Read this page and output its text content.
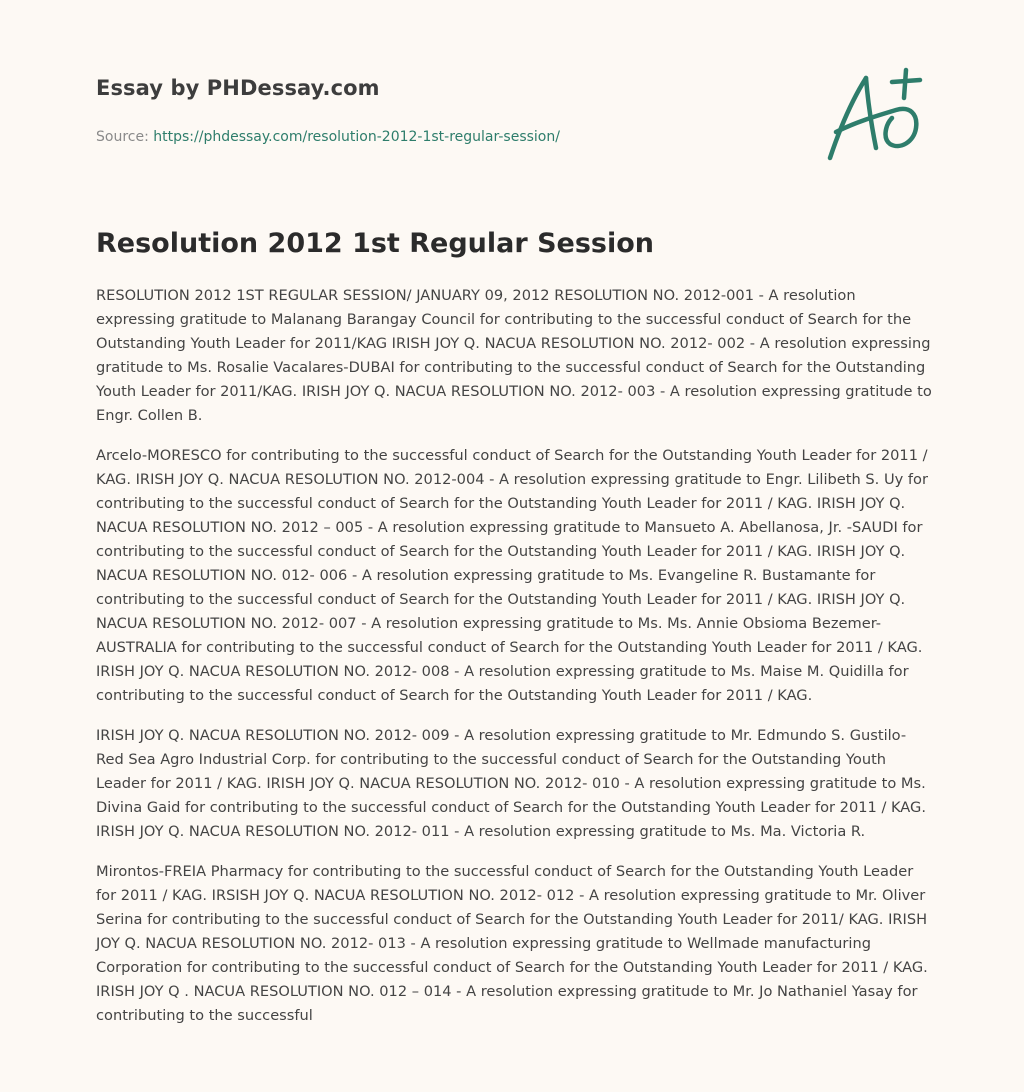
Essay by PHDessay.com
Source: https://phdessay.com/resolution-2012-1st-regular-session/
Resolution 2012 1st Regular Session

RESOLUTION 2012 1ST REGULAR SESSION/ JANUARY 09, 2012 RESOLUTION NO. 2012-001 - A resolution expressing gratitude to Malanang Barangay Council for contributing to the successful conduct of Search for the Outstanding Youth Leader for 2011/KAG IRISH JOY Q. NACUA RESOLUTION NO. 2012- 002 - A resolution expressing gratitude to Ms. Rosalie Vacalares-DUBAI for contributing to the successful conduct of Search for the Outstanding Youth Leader for 2011/KAG. IRISH JOY Q. NACUA RESOLUTION NO. 2012- 003 - A resolution expressing gratitude to Engr. Collen B.

Arcelo-MORESCO for contributing to the successful conduct of Search for the Outstanding Youth Leader for 2011 / KAG. IRISH JOY Q. NACUA RESOLUTION NO. 2012-004 - A resolution expressing gratitude to Engr. Lilibeth S. Uy for contributing to the successful conduct of Search for the Outstanding Youth Leader for 2011 / KAG. IRISH JOY Q. NACUA RESOLUTION NO. 2012 – 005 - A resolution expressing gratitude to Mansueto A. Abellanosa, Jr. -SAUDI for contributing to the successful conduct of Search for the Outstanding Youth Leader for 2011 / KAG. IRISH JOY Q. NACUA RESOLUTION NO. 012- 006 - A resolution expressing gratitude to Ms. Evangeline R. Bustamante for contributing to the successful conduct of Search for the Outstanding Youth Leader for 2011 / KAG. IRISH JOY Q. NACUA RESOLUTION NO. 2012- 007 - A resolution expressing gratitude to Ms. Ms. Annie Obsioma Bezemer-AUSTRALIA for contributing to the successful conduct of Search for the Outstanding Youth Leader for 2011 / KAG. IRISH JOY Q. NACUA RESOLUTION NO. 2012- 008 - A resolution expressing gratitude to Ms. Maise M. Quidilla for contributing to the successful conduct of Search for the Outstanding Youth Leader for 2011 / KAG.

IRISH JOY Q. NACUA RESOLUTION NO. 2012- 009 - A resolution expressing gratitude to Mr. Edmundo S. Gustilo-Red Sea Agro Industrial Corp. for contributing to the successful conduct of Search for the Outstanding Youth Leader for 2011 / KAG. IRISH JOY Q. NACUA RESOLUTION NO. 2012- 010 - A resolution expressing gratitude to Ms. Divina Gaid for contributing to the successful conduct of Search for the Outstanding Youth Leader for 2011 / KAG. IRISH JOY Q. NACUA RESOLUTION NO. 2012- 011 - A resolution expressing gratitude to Ms. Ma. Victoria R.

Mirontos-FREIA Pharmacy for contributing to the successful conduct of Search for the Outstanding Youth Leader for 2011 / KAG. IRSISH JOY Q. NACUA RESOLUTION NO. 2012- 012 - A resolution expressing gratitude to Mr. Oliver Serina for contributing to the successful conduct of Search for the Outstanding Youth Leader for 2011/ KAG. IRISH JOY Q. NACUA RESOLUTION NO. 2012- 013 - A resolution expressing gratitude to Wellmade manufacturing Corporation for contributing to the successful conduct of Search for the Outstanding Youth Leader for 2011 / KAG. IRISH JOY Q . NACUA RESOLUTION NO. 012 – 014 - A resolution expressing gratitude to Mr. Jo Nathaniel Yasay for contributing to the successful
